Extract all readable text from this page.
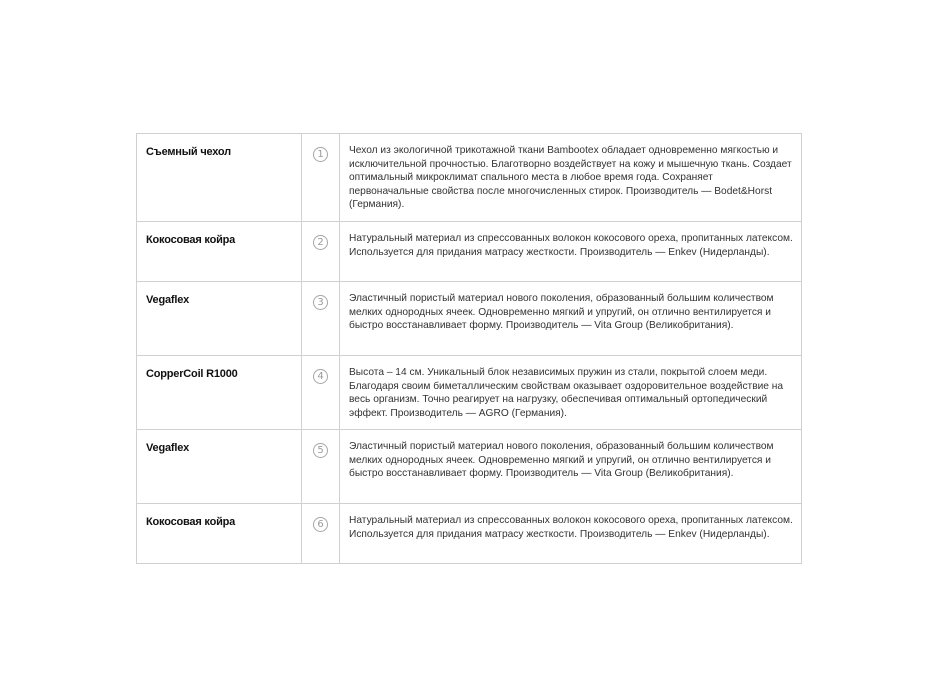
Съемный чехол	1	Чехол из экологичной трикотажной ткани Bambootex обладает одновременно мягкостью и исключительной прочностью. Благотворно воздействует на кожу и мышечную ткань. Создает оптимальный микроклимат спального места в любое время года. Сохраняет первоначальные свойства после многочисленных стирок. Производитель — Bodet&Horst (Германия).
Кокосовая койра	2	Натуральный материал из спрессованных волокон кокосового ореха, пропитанных латексом. Используется для придания матрасу жесткости. Производитель — Enkev (Нидерланды).
Vegaflex	3	Эластичный пористый материал нового поколения, образованный большим количеством мелких однородных ячеек. Одновременно мягкий и упругий, он отлично вентилируется и быстро восстанавливает форму. Производитель — Vita Group (Великобритания).
CopperCoil R1000	4	Высота – 14 см. Уникальный блок независимых пружин из стали, покрытой слоем меди. Благодаря своим биметаллическим свойствам оказывает оздоровительное воздействие на весь организм. Точно реагирует на нагрузку, обеспечивая оптимальный ортопедический эффект. Производитель — AGRO (Германия).
Vegaflex	5	Эластичный пористый материал нового поколения, образованный большим количеством мелких однородных ячеек. Одновременно мягкий и упругий, он отлично вентилируется и быстро восстанавливает форму. Производитель — Vita Group (Великобритания).
Кокосовая койра	6	Натуральный материал из спрессованных волокон кокосового ореха, пропитанных латексом. Используется для придания матрасу жесткости. Производитель — Enkev (Нидерланды).
